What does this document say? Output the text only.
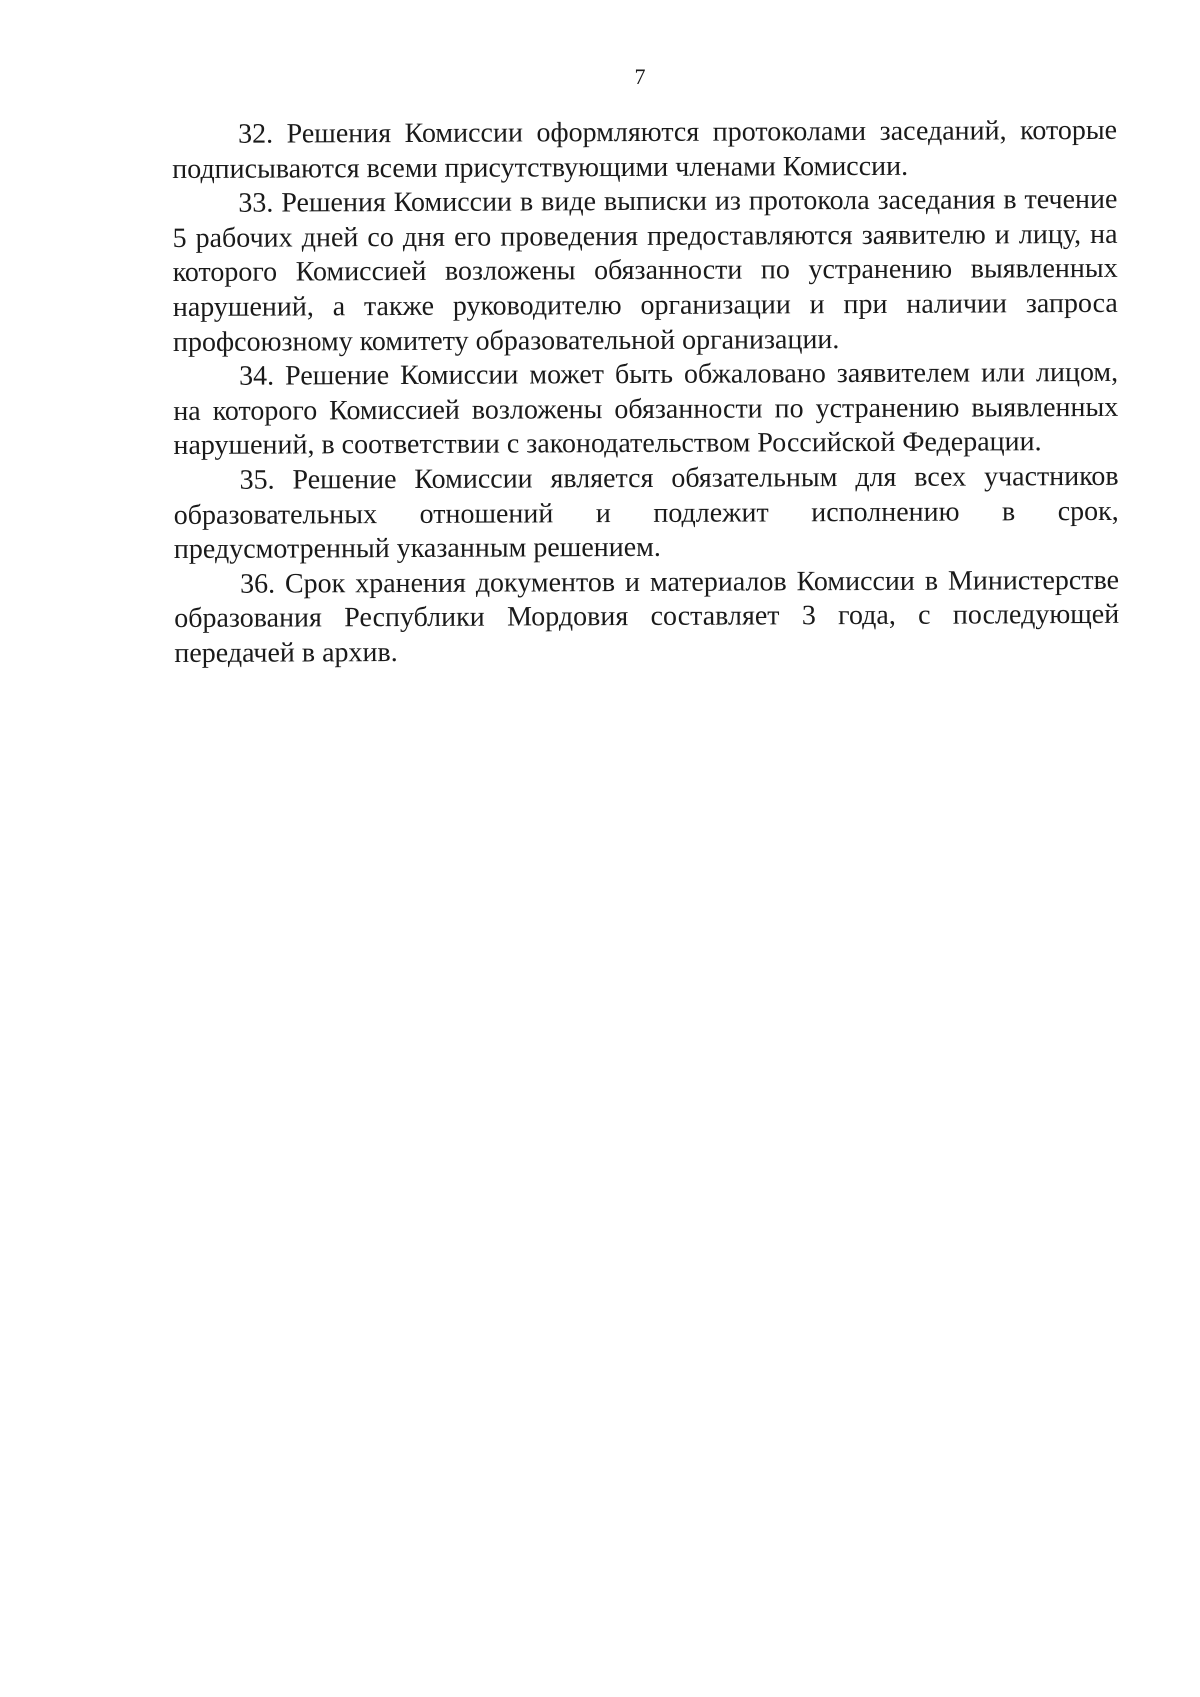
7

32. Решения Комиссии оформляются протоколами заседаний, которые подписываются всеми присутствующими членами Комиссии.

33. Решения Комиссии в виде выписки из протокола заседания в течение 5 рабочих дней со дня его проведения предоставляются заявителю и лицу, на которого Комиссией возложены обязанности по устранению выявленных нарушений, а также руководителю организации и при наличии запроса профсоюзному комитету образовательной организации.

34. Решение Комиссии может быть обжаловано заявителем или лицом, на которого Комиссией возложены обязанности по устранению выявленных нарушений, в соответствии с законодательством Российской Федерации.

35. Решение Комиссии является обязательным для всех участников образовательных отношений и подлежит исполнению в срок, предусмотренный указанным решением.

36. Срок хранения документов и материалов Комиссии в Министерстве образования Республики Мордовия составляет 3 года, с последующей передачей в архив.
